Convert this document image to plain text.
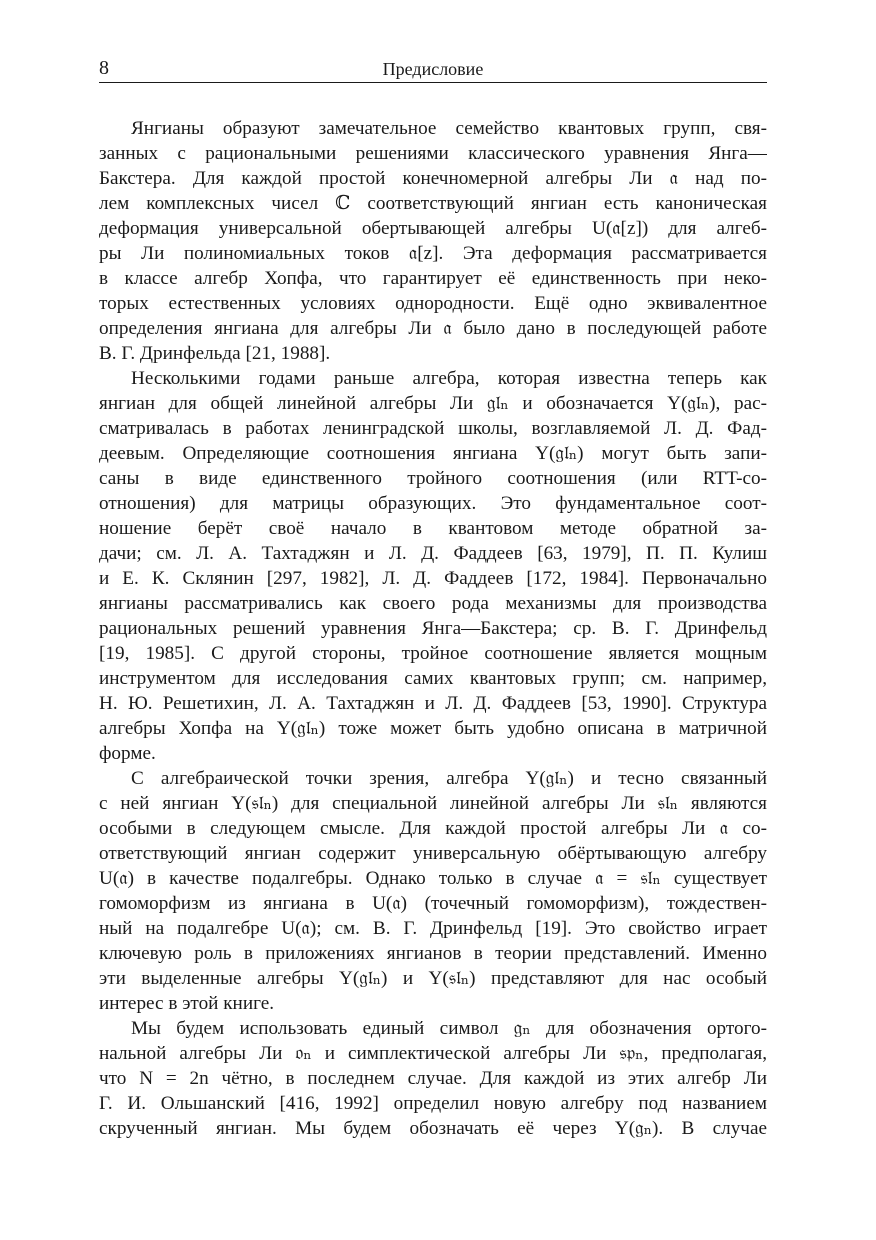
8	Предисловие
Янгианы образуют замечательное семейство квантовых групп, свя-
занных с рациональными решениями классического уравнения Янга—
Бакстера. Для каждой простой конечномерной алгебры Ли 𝔞 над по-
лем комплексных чисел ℂ соответствующий янгиан есть каноническая
деформация универсальной обертывающей алгебры U(𝔞[z]) для алгеб-
ры Ли полиномиальных токов 𝔞[z]. Эта деформация рассматривается
в классе алгебр Хопфа, что гарантирует её единственность при неко-
торых естественных условиях однородности. Ещё одно эквивалентное
определения янгиана для алгебры Ли 𝔞 было дано в последующей работе
В. Г. Дринфельда [21, 1988].
Несколькими годами раньше алгебра, которая известна теперь как
янгиан для общей линейной алгебры Ли 𝔤𝔩ₙ и обозначается Y(𝔤𝔩ₙ), рас-
сматривалась в работах ленинградской школы, возглавляемой Л. Д. Фад-
деевым. Определяющие соотношения янгиана Y(𝔤𝔩ₙ) могут быть запи-
саны в виде единственного тройного соотношения (или RTT-со-
отношения) для матрицы образующих. Это фундаментальное соот-
ношение берёт своё начало в квантовом методе обратной за-
дачи; см. Л. А. Тахтаджян и Л. Д. Фаддеев [63, 1979], П. П. Кулиш
и Е. К. Склянин [297, 1982], Л. Д. Фаддеев [172, 1984]. Первоначально
янгианы рассматривались как своего рода механизмы для производства
рациональных решений уравнения Янга—Бакстера; ср. В. Г. Дринфельд
[19, 1985]. С другой стороны, тройное соотношение является мощным
инструментом для исследования самих квантовых групп; см. например,
Н. Ю. Решетихин, Л. А. Тахтаджян и Л. Д. Фаддеев [53, 1990]. Структура
алгебры Хопфа на Y(𝔤𝔩ₙ) тоже может быть удобно описана в матричной
форме.
С алгебраической точки зрения, алгебра Y(𝔤𝔩ₙ) и тесно связанный
с ней янгиан Y(𝔰𝔩ₙ) для специальной линейной алгебры Ли 𝔰𝔩ₙ являются
особыми в следующем смысле. Для каждой простой алгебры Ли 𝔞 со-
ответствующий янгиан содержит универсальную обёртывающую алгебру
U(𝔞) в качестве подалгебры. Однако только в случае 𝔞 = 𝔰𝔩ₙ существует
гомоморфизм из янгиана в U(𝔞) (точечный гомоморфизм), тождествен-
ный на подалгебре U(𝔞); см. В. Г. Дринфельд [19]. Это свойство играет
ключевую роль в приложениях янгианов в теории представлений. Именно
эти выделенные алгебры Y(𝔤𝔩ₙ) и Y(𝔰𝔩ₙ) представляют для нас особый
интерес в этой книге.
Мы будем использовать единый символ 𝔤ₙ для обозначения ортого-
нальной алгебры Ли 𝔬ₙ и симплектической алгебры Ли 𝔰𝔭ₙ, предполагая,
что N = 2n чётно, в последнем случае. Для каждой из этих алгебр Ли
Г. И. Ольшанский [416, 1992] определил новую алгебру под названием
скрученный янгиан. Мы будем обозначать её через Y(𝔤ₙ). В случае
